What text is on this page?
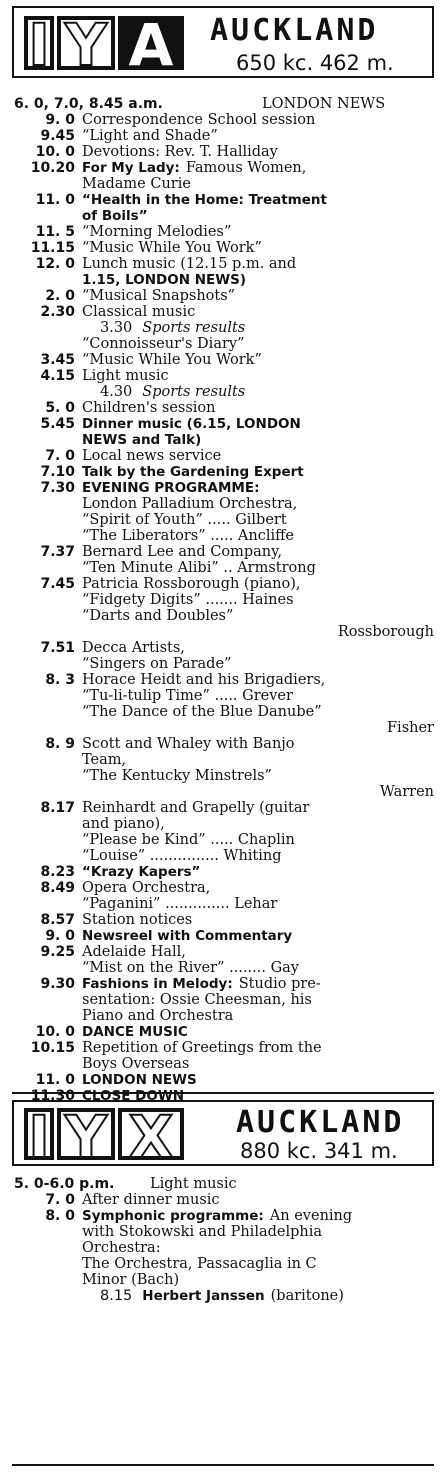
I Y A AUCKLAND
650 kc. 462 m.
6. 0, 7.0, 8.45 a.m.	LONDON NEWS
9. 0 Correspondence School session
9.45 “Light and Shade”
10. 0 Devotions: Rev. T. Halliday
10.20 For My Lady: Famous Women,
Madame Curie
11. 0 “Health in the Home: Treatment
of Boils”
11. 5 “Morning Melodies”
11.15 “Music While You Work”
12. 0 Lunch music (12.15 p.m. and
1.15, LONDON NEWS)
2. 0 “Musical Snapshots”
2.30 Classical music
3.30 Sports results
“Connoisseur's Diary”
3.45 “Music While You Work”
4.15 Light music
4.30 Sports results
5. 0 Children's session
5.45 Dinner music (6.15, LONDON
NEWS and Talk)
7. 0 Local news service
7.10 Talk by the Gardening Expert
7.30 EVENING PROGRAMME:
London Palladium Orchestra,
“Spirit of Youth” ..... Gilbert
“The Liberators” ..... Ancliffe
7.37 Bernard Lee and Company,
“Ten Minute Alibi” .. Armstrong
7.45 Patricia Rossborough (piano),
“Fidgety Digits” ....... Haines
“Darts and Doubles”
Rossborough
7.51 Decca Artists,
“Singers on Parade”
8. 3 Horace Heidt and his Brigadiers,
“Tu-li-tulip Time” ..... Grever
“The Dance of the Blue Danube”
Fisher
8. 9 Scott and Whaley with Banjo
Team,
“The Kentucky Minstrels”
Warren
8.17 Reinhardt and Grapelly (guitar
and piano),
“Please be Kind” ..... Chaplin
“Louise” ............... Whiting
8.23 “Krazy Kapers”
8.49 Opera Orchestra,
“Paganini” .............. Lehar
8.57 Station notices
9. 0 Newsreel with Commentary
9.25 Adelaide Hall,
“Mist on the River” ........ Gay
9.30 Fashions in Melody: Studio pre-
sentation: Ossie Cheesman, his
Piano and Orchestra
10. 0 DANCE MUSIC
10.15 Repetition of Greetings from the
Boys Overseas
11. 0 LONDON NEWS
11.30 CLOSE DOWN
I Y X AUCKLAND
880 kc. 341 m.
5. 0-6.0 p.m. Light music
7. 0 After dinner music
8. 0 Symphonic programme: An evening
with Stokowski and Philadelphia
Orchestra:
The Orchestra, Passacaglia in C
Minor (Bach)
8.15 Herbert Janssen (baritone)
